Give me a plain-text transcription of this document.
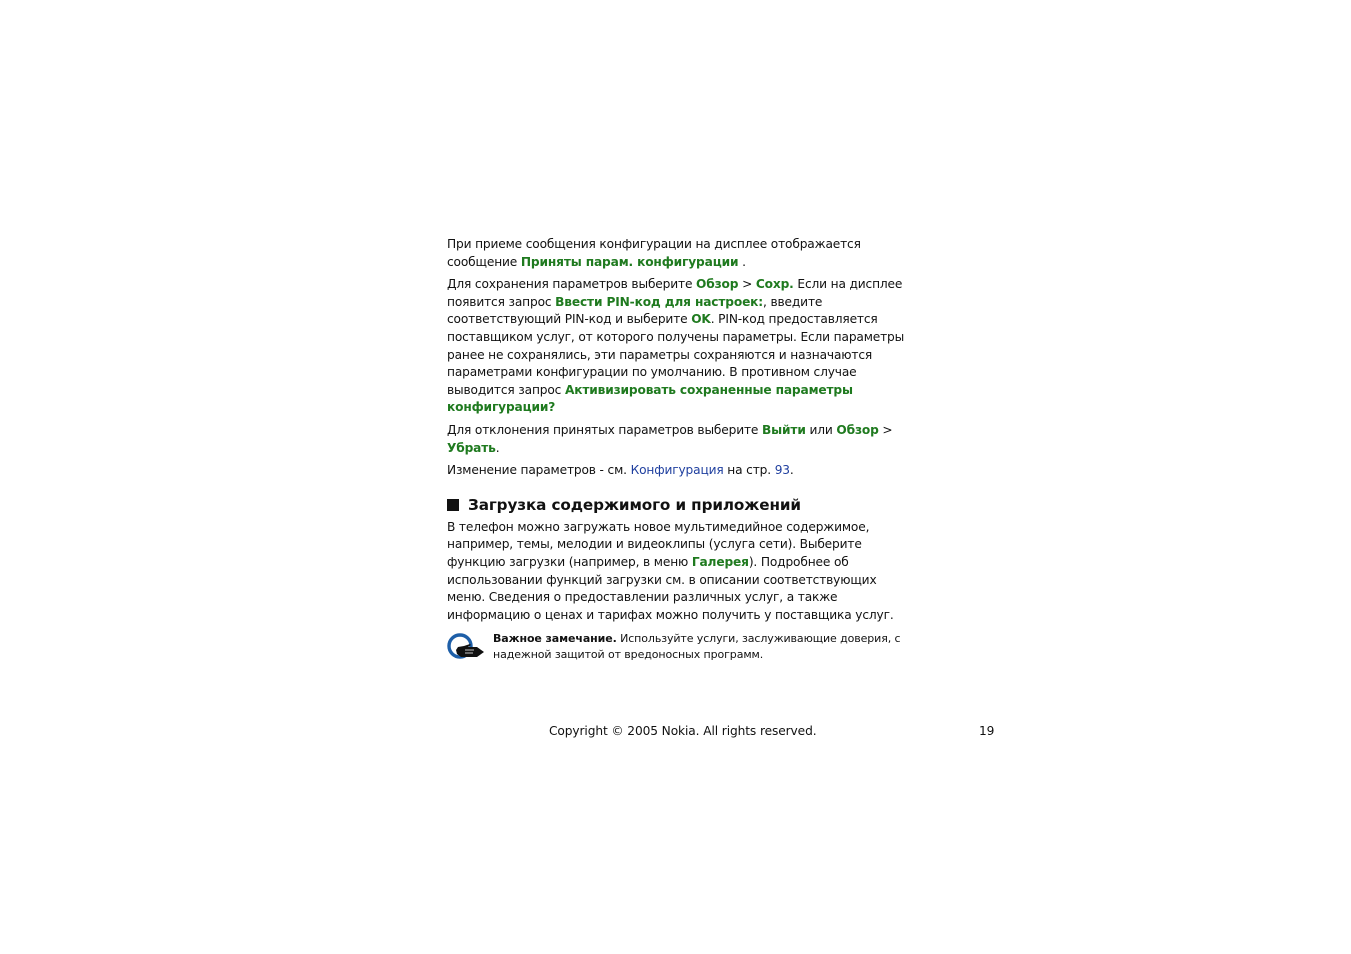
При приеме сообщения конфигурации на дисплее отображается сообщение Приняты парам. конфигурации .

Для сохранения параметров выберите Обзор > Сохр. Если на дисплее появится запрос Ввести PIN-код для настроек:, введите соответствующий PIN-код и выберите OK. PIN-код предоставляется поставщиком услуг, от которого получены параметры. Если параметры ранее не сохранялись, эти параметры сохраняются и назначаются параметрами конфигурации по умолчанию. В противном случае выводится запрос Активизировать сохраненные параметры конфигурации?

Для отклонения принятых параметров выберите Выйти или Обзор > Убрать.

Изменение параметров - см. Конфигурация на стр. 93.

Загрузка содержимого и приложений

В телефон можно загружать новое мультимедийное содержимое, например, темы, мелодии и видеоклипы (услуга сети). Выберите функцию загрузки (например, в меню Галерея). Подробнее об использовании функций загрузки см. в описании соответствующих меню. Сведения о предоставлении различных услуг, а также информацию о ценах и тарифах можно получить у поставщика услуг.

Важное замечание. Используйте услуги, заслуживающие доверия, с надежной защитой от вредоносных программ.
Copyright © 2005 Nokia. All rights reserved.	19
